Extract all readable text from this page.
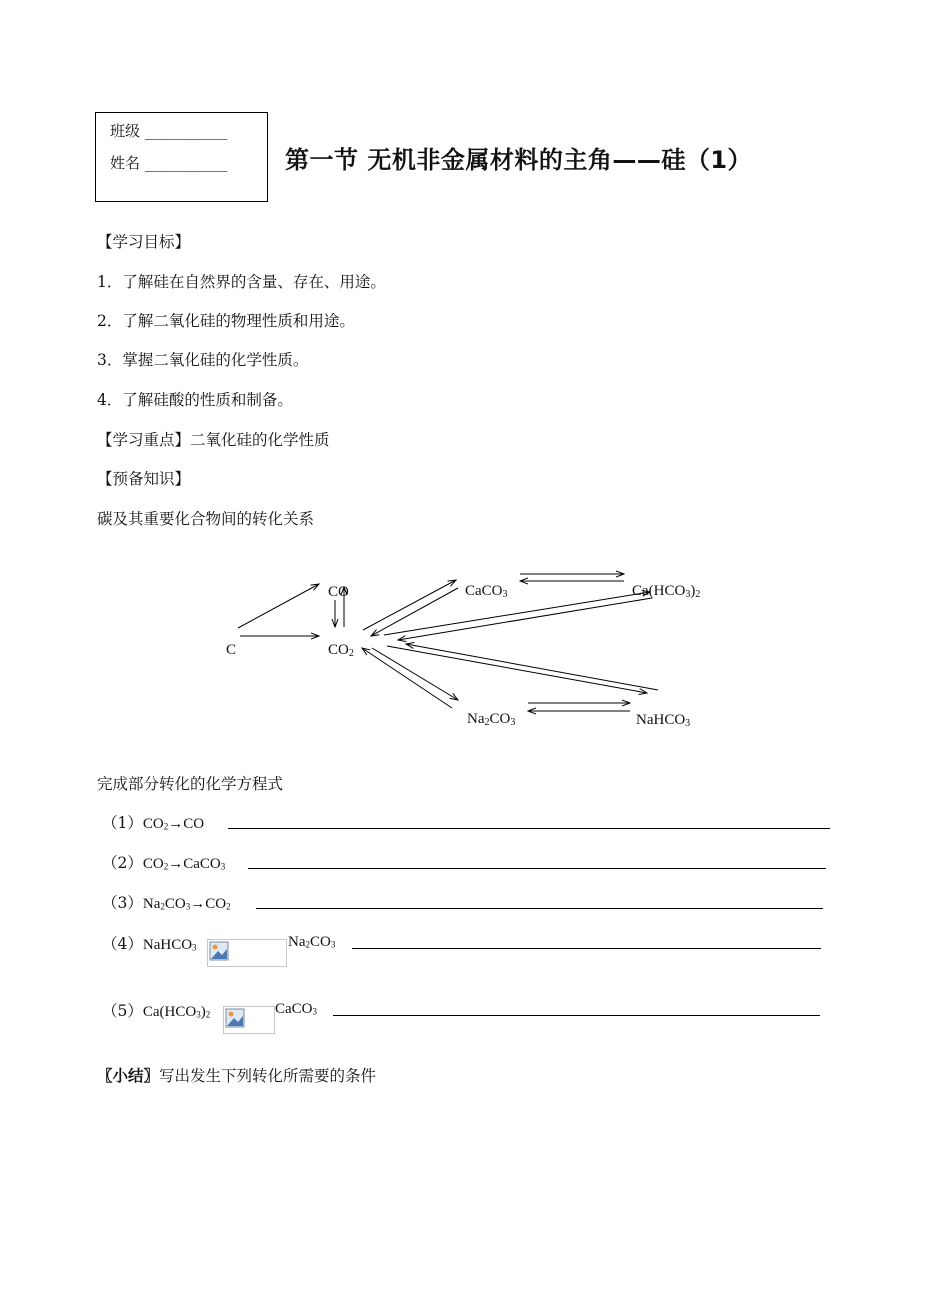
班级 ___________
姓名 ___________ 第一节 无机非金属材料的主角——硅（1）
【学习目标】
1．了解硅在自然界的含量、存在、用途。
2．了解二氧化硅的物理性质和用途。
3．掌握二氧化硅的化学性质。
4．了解硅酸的性质和制备。
【学习重点】二氧化硅的化学性质
【预备知识】
碳及其重要化合物间的转化关系
C
CO
CO2
CaCO3	Ca(HCO3)2
Na2CO3	NaHCO3
完成部分转化的化学方程式
$(1)CO_2\to CO$
$(2)CO_2\to CaCO_3$
$(3)Na_2CO_3\to CO_2$
（4）NaHCO$_3$	$Na_2CO_3$
$(5)Ca(HCO_3)_2$	CaCO$_3$
〖小结〗写出发生下列转化所需要的条件
